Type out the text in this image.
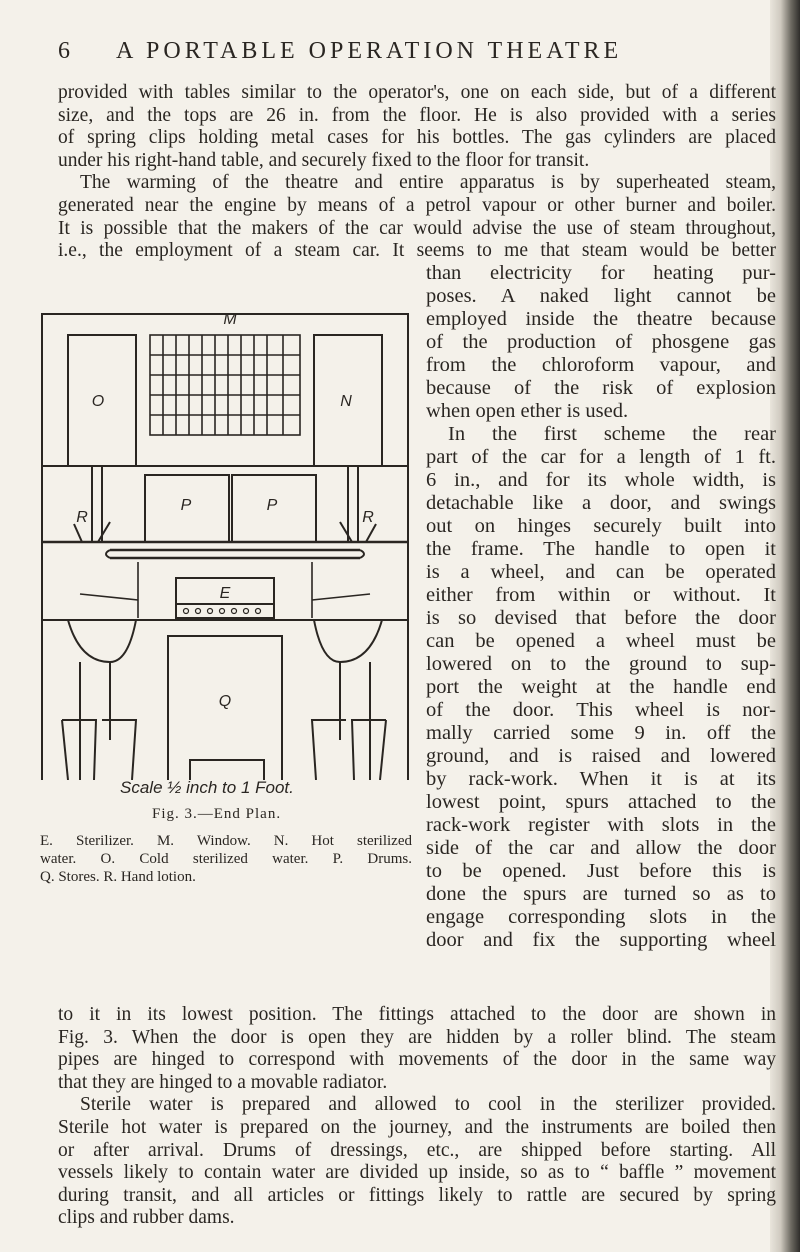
6 A PORTABLE OPERATION THEATRE
provided with tables similar to the operator's, one on each side, but of a different
size, and the tops are 26 in. from the floor. He is also provided with a series
of spring clips holding metal cases for his bottles. The gas cylinders are placed
under his right-hand table, and securely fixed to the floor for transit.
The warming of the theatre and entire apparatus is by superheated steam,
generated near the engine by means of a petrol vapour or other burner and boiler.
It is possible that the makers of the car would advise the use of steam throughout,
i.e., the employment of a steam car. It seems to me that steam would be better
than electricity for heating pur-
poses. A naked light cannot be
employed inside the theatre because
of the production of phosgene gas
from the chloroform vapour, and
because of the risk of explosion
when open ether is used.
In the first scheme the rear
part of the car for a length of 1 ft.
6 in., and for its whole width, is
detachable like a door, and swings
out on hinges securely built into
the frame. The handle to open it
is a wheel, and can be operated
either from within or without. It
is so devised that before the door
can be opened a wheel must be
lowered on to the ground to sup-
port the weight at the handle end
of the door. This wheel is nor-
mally carried some 9 in. off the
ground, and is raised and lowered
by rack-work. When it is at its
lowest point, spurs attached to the
rack-work register with slots in the
side of the car and allow the door
to be opened. Just before this is
done the spurs are turned so as to
engage corresponding slots in the
door and fix the supporting wheel
M
O	N
R	R
P	P
E
Q
Scale ½ inch to 1 Foot.
Fig. 3.—End Plan.
E. Sterilizer. M. Window. N. Hot sterilized
water. O. Cold sterilized water. P. Drums.
Q. Stores. R. Hand lotion.
to it in its lowest position. The fittings attached to the door are shown in
Fig. 3. When the door is open they are hidden by a roller blind. The steam
pipes are hinged to correspond with movements of the door in the same way
that they are hinged to a movable radiator.
Sterile water is prepared and allowed to cool in the sterilizer provided.
Sterile hot water is prepared on the journey, and the instruments are boiled then
or after arrival. Drums of dressings, etc., are shipped before starting. All
vessels likely to contain water are divided up inside, so as to “ baffle ” movement
during transit, and all articles or fittings likely to rattle are secured by spring
clips and rubber dams.
